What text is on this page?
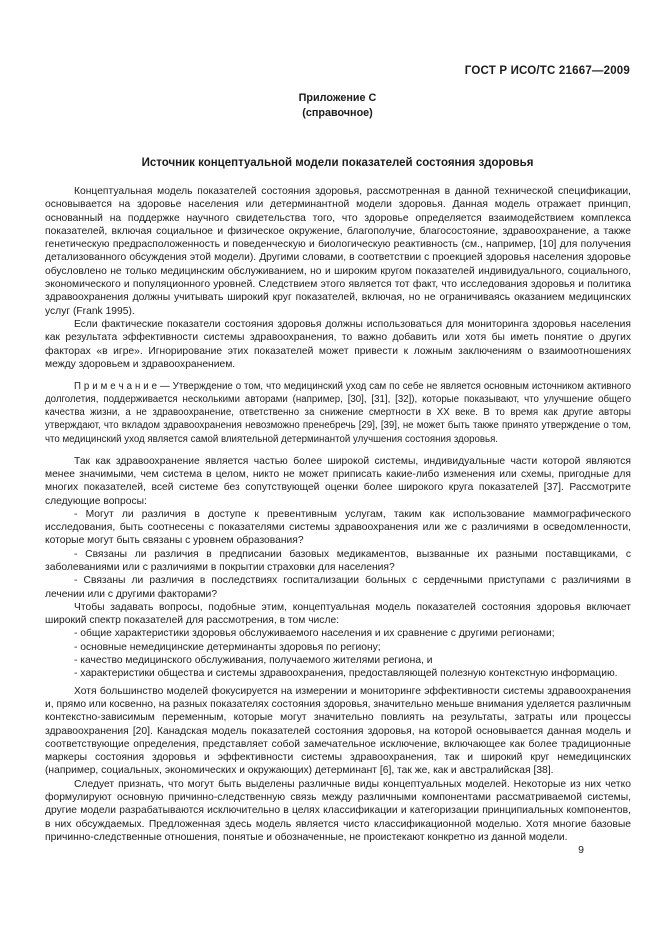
ГОСТ Р ИСО/ТС 21667—2009
Приложение С
(справочное)
Источник концептуальной модели показателей состояния здоровья

Концептуальная модель показателей состояния здоровья, рассмотренная в данной технической спецификации, основывается на здоровье населения или детерминантной модели здоровья. Данная модель отражает принцип, основанный на поддержке научного свидетельства того, что здоровье определяется взаимодействием комплекса показателей, включая социальное и физическое окружение, благополучие, благосостояние, здравоохранение, а также генетическую предрасположенность и поведенческую и биологическую реактивность (см., например, [10] для получения детализованного обсуждения этой модели). Другими словами, в соответствии с проекцией здоровья населения здоровье обусловлено не только медицинским обслуживанием, но и широким кругом показателей индивидуального, социального, экономического и популяционного уровней. Следствием этого является тот факт, что исследования здоровья и политика здравоохранения должны учитывать широкий круг показателей, включая, но не ограничиваясь оказанием медицинских услуг (Frank 1995).

Если фактические показатели состояния здоровья должны использоваться для мониторинга здоровья населения как результата эффективности системы здравоохранения, то важно добавить или хотя бы иметь понятие о других факторах «в игре». Игнорирование этих показателей может привести к ложным заключениям о взаимоотношениях между здоровьем и здравоохранением.

П р и м е ч а н и е — Утверждение о том, что медицинский уход сам по себе не является основным источником активного долголетия, поддерживается несколькими авторами (например, [30], [31], [32]), которые показывают, что улучшение общего качества жизни, а не здравоохранение, ответственно за снижение смертности в XX веке. В то время как другие авторы утверждают, что вкладом здравоохранения невозможно пренебречь [29], [39], не может быть также принято утверждение о том, что медицинский уход является самой влиятельной детерминантой улучшения состояния здоровья.

Так как здравоохранение является частью более широкой системы, индивидуальные части которой являются менее значимыми, чем система в целом, никто не может приписать какие-либо изменения или схемы, пригодные для многих показателей, всей системе без сопутствующей оценки более широкого круга показателей [37]. Рассмотрите следующие вопросы:

- Могут ли различия в доступе к превентивным услугам, таким как использование маммографического исследования, быть соотнесены с показателями системы здравоохранения или же с различиями в осведомленности, которые могут быть связаны с уровнем образования?

- Связаны ли различия в предписании базовых медикаментов, вызванные их разными поставщиками, с заболеваниями или с различиями в покрытии страховки для населения?

- Связаны ли различия в последствиях госпитализации больных с сердечными приступами с различиями в лечении или с другими факторами?

Чтобы задавать вопросы, подобные этим, концептуальная модель показателей состояния здоровья включает широкий спектр показателей для рассмотрения, в том числе:

- общие характеристики здоровья обслуживаемого населения и их сравнение с другими регионами;

- основные немедицинские детерминанты здоровья по региону;

- качество медицинского обслуживания, получаемого жителями региона, и

- характеристики общества и системы здравоохранения, предоставляющей полезную контекстную информацию.

Хотя большинство моделей фокусируется на измерении и мониторинге эффективности системы здравоохранения и, прямо или косвенно, на разных показателях состояния здоровья, значительно меньше внимания уделяется различным контекстно-зависимым переменным, которые могут значительно повлиять на результаты, затраты или процессы здравоохранения [20]. Канадская модель показателей состояния здоровья, на которой основывается данная модель и соответствующие определения, представляет собой замечательное исключение, включающее как более традиционные маркеры состояния здоровья и эффективности системы здравоохранения, так и широкий круг немедицинских (например, социальных, экономических и окружающих) детерминант [6], так же, как и австралийская [38].

Следует признать, что могут быть выделены различные виды концептуальных моделей. Некоторые из них четко формулируют основную причинно-следственную связь между различными компонентами рассматриваемой системы, другие модели разрабатываются исключительно в целях классификации и категоризации принципиальных компонентов, в них обсуждаемых. Предложенная здесь модель является чисто классификационной моделью. Хотя многие базовые причинно-следственные отношения, понятые и обозначенные, не проистекают конкретно из данной модели.

9
